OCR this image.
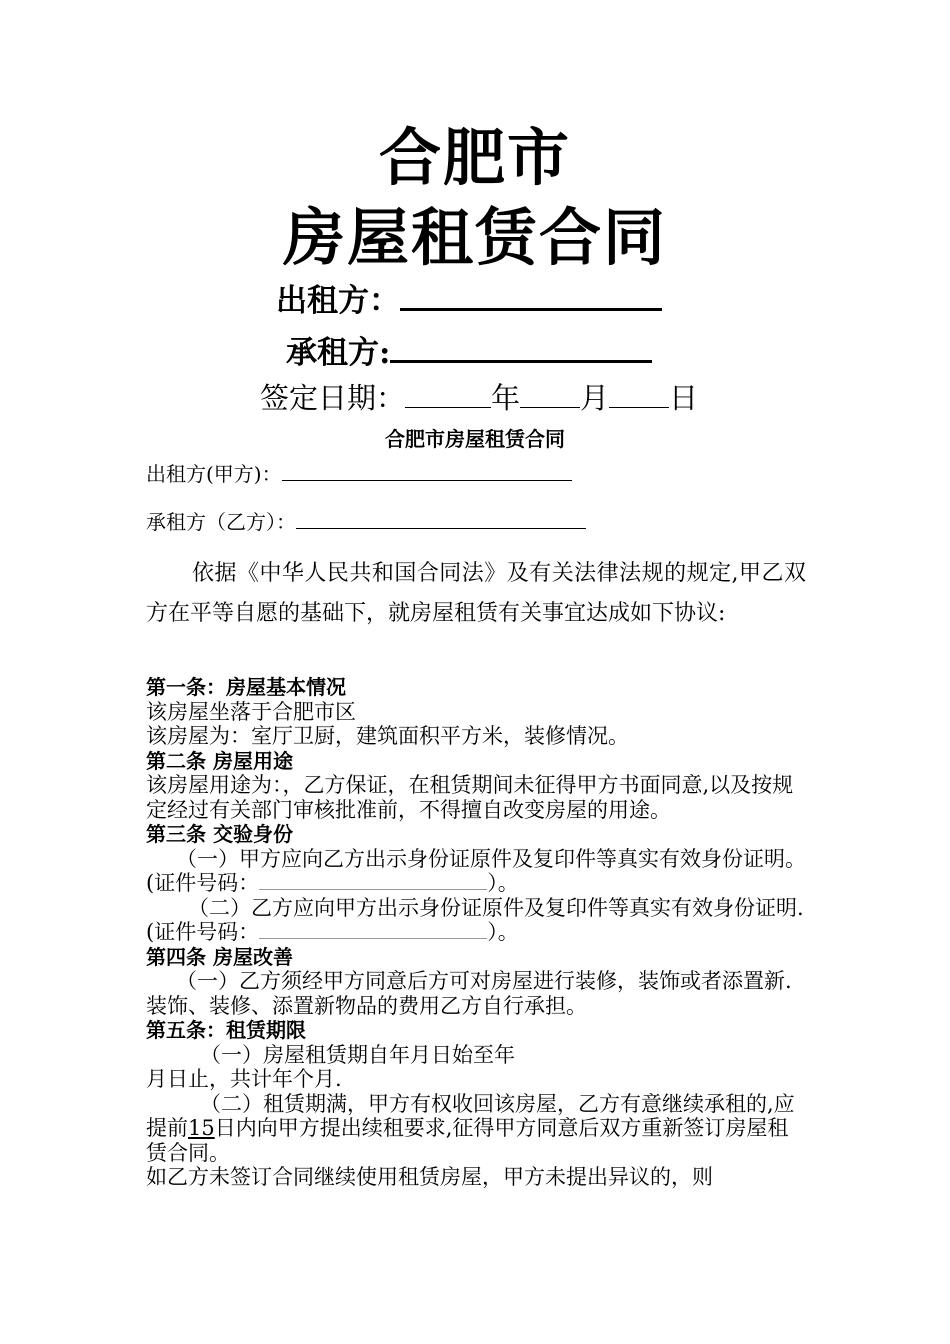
合肥市
房屋租赁合同
出租方：
承租方:
签定日期：	年 月 日
合肥市房屋租赁合同
出租方(甲方)：
承租方（乙方）：
依据《中华人民共和国合同法》及有关法律法规的规定,甲乙双方在平等自愿的基础下，就房屋租赁有关事宜达成如下协议:

第一条：房屋基本情况

该房屋坐落于合肥市区

该房屋为：室厅卫厨，建筑面积平方米，装修情况。

第二条 房屋用途

该房屋用途为：，乙方保证，在租赁期间未征得甲方书面同意,以及按规定经过有关部门审核批准前，不得擅自改变房屋的用途。

第三条 交验身份

（一）甲方应向乙方出示身份证原件及复印件等真实有效身份证明。(证件号码：	）。

（二）乙方应向甲方出示身份证原件及复印件等真实有效身份证明. (证件号码：	）。

第四条 房屋改善

（一）乙方须经甲方同意后方可对房屋进行装修，装饰或者添置新. 装饰、装修、添置新物品的费用乙方自行承担。

第五条：租赁期限

（一）房屋租赁期自年月日始至年

月日止，共计年个月.

（二）租赁期满，甲方有权收回该房屋，乙方有意继续承租的,应提前15日内向甲方提出续租要求,征得甲方同意后双方重新签订房屋租赁合同。

如乙方未签订合同继续使用租赁房屋，甲方未提出异议的，则
